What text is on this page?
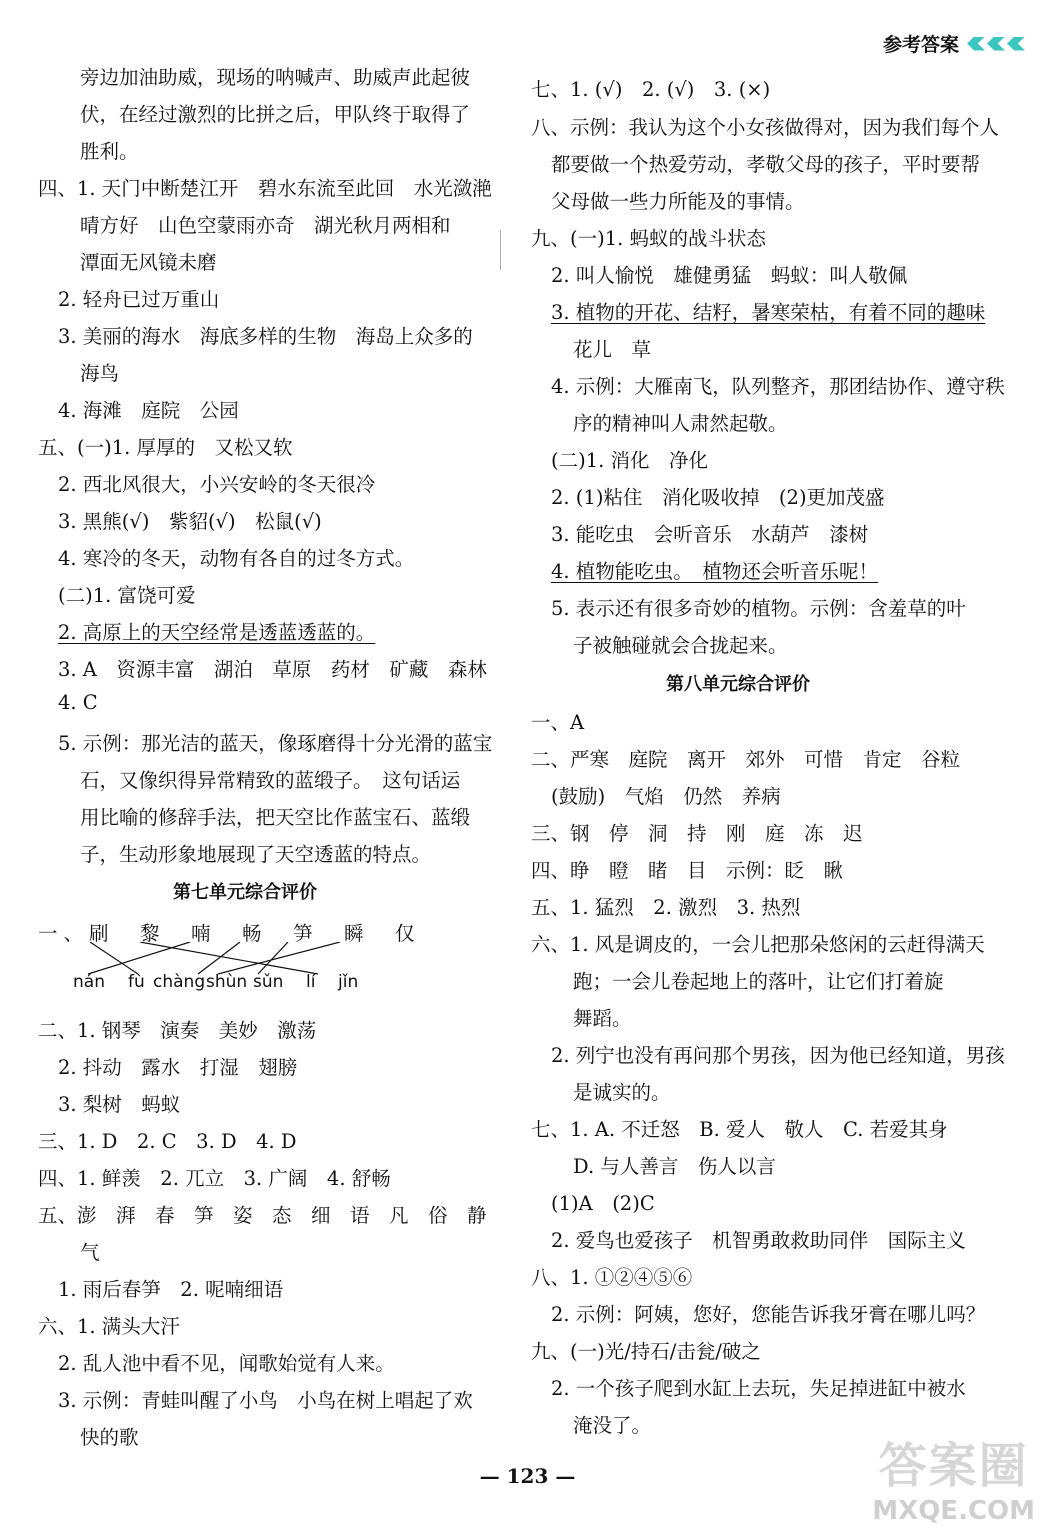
参考答案
旁边加油助威，现场的呐喊声、助威声此起彼
伏，在经过激烈的比拼之后，甲队终于取得了
胜利。
四、1. 天门中断楚江开　碧水东流至此回　水光潋滟
晴方好　山色空蒙雨亦奇　湖光秋月两相和
潭面无风镜未磨
2. 轻舟已过万重山
3. 美丽的海水　海底多样的生物　海岛上众多的
海鸟
4. 海滩　庭院　公园
五、(一)1. 厚厚的　又松又软
2. 西北风很大，小兴安岭的冬天很冷
3. 黑熊(√)　紫貂(√)　松鼠(√)
4. 寒冷的冬天，动物有各自的过冬方式。
(二)1. 富饶可爱
2. 高原上的天空经常是透蓝透蓝的。
3. A　资源丰富　湖泊　草原　药材　矿藏　森林
4. C
5. 示例：那光洁的蓝天，像琢磨得十分光滑的蓝宝
石，又像织得异常精致的蓝缎子。　这句话运
用比喻的修辞手法，把天空比作蓝宝石、蓝缎
子，生动形象地展现了天空透蓝的特点。
第七单元综合评价
一、刷　黎　喃　畅　笋　瞬　仅
nán fù chàng shùn sǔn lí jǐn
二、1. 钢琴　演奏　美妙　激荡
2. 抖动　露水　打湿　翅膀
3. 梨树　蚂蚁
三、1. D　2. C　3. D　4. D
四、1. 鲜羡　2. 兀立　3. 广阔　4. 舒畅
五、澎　湃　春　笋　姿　态　细　语　凡　俗　静
气
1. 雨后春笋　2. 呢喃细语
六、1. 满头大汗
2. 乱人池中看不见，闻歌始觉有人来。
3. 示例：青蛙叫醒了小鸟　小鸟在树上唱起了欢
快的歌
七、1. (√)　2. (√)　3. (×)
八、示例：我认为这个小女孩做得对，因为我们每个人
都要做一个热爱劳动，孝敬父母的孩子，平时要帮
父母做一些力所能及的事情。
九、(一)1. 蚂蚁的战斗状态
2. 叫人愉悦　雄健勇猛　蚂蚁：叫人敬佩
3. 植物的开花、结籽，暑寒荣枯，有着不同的趣味
花儿　草
4. 示例：大雁南飞，队列整齐，那团结协作、遵守秩
序的精神叫人肃然起敬。
(二)1. 消化　净化
2. (1)粘住　消化吸收掉　(2)更加茂盛
3. 能吃虫　会听音乐　水葫芦　漆树
4. 植物能吃虫。　植物还会听音乐呢！
5. 表示还有很多奇妙的植物。示例：含羞草的叶
子被触碰就会合拢起来。
第八单元综合评价
一、A
二、严寒　庭院　离开　郊外　可惜　肯定　谷粒
(鼓励)　气焰　仍然　养病
三、钢　停　洞　持　刚　庭　冻　迟
四、睁　瞪　睹　目　示例：眨　瞅
五、1. 猛烈　2. 激烈　3. 热烈
六、1. 风是调皮的，一会儿把那朵悠闲的云赶得满天
跑；一会儿卷起地上的落叶，让它们打着旋
舞蹈。
2. 列宁也没有再问那个男孩，因为他已经知道，男孩
是诚实的。
七、1. A. 不迁怒　B. 爱人　敬人　C. 若爱其身
D. 与人善言　伤人以言
(1)A　(2)C
2. 爱鸟也爱孩子　机智勇敢救助同伴　国际主义
八、1. ①②④⑤⑥
2. 示例：阿姨，您好，您能告诉我牙膏在哪儿吗？
九、(一)光/持石/击瓮/破之
2. 一个孩子爬到水缸上去玩，失足掉进缸中被水
淹没了。
— 123 —	答案圈
MXQE.COM
